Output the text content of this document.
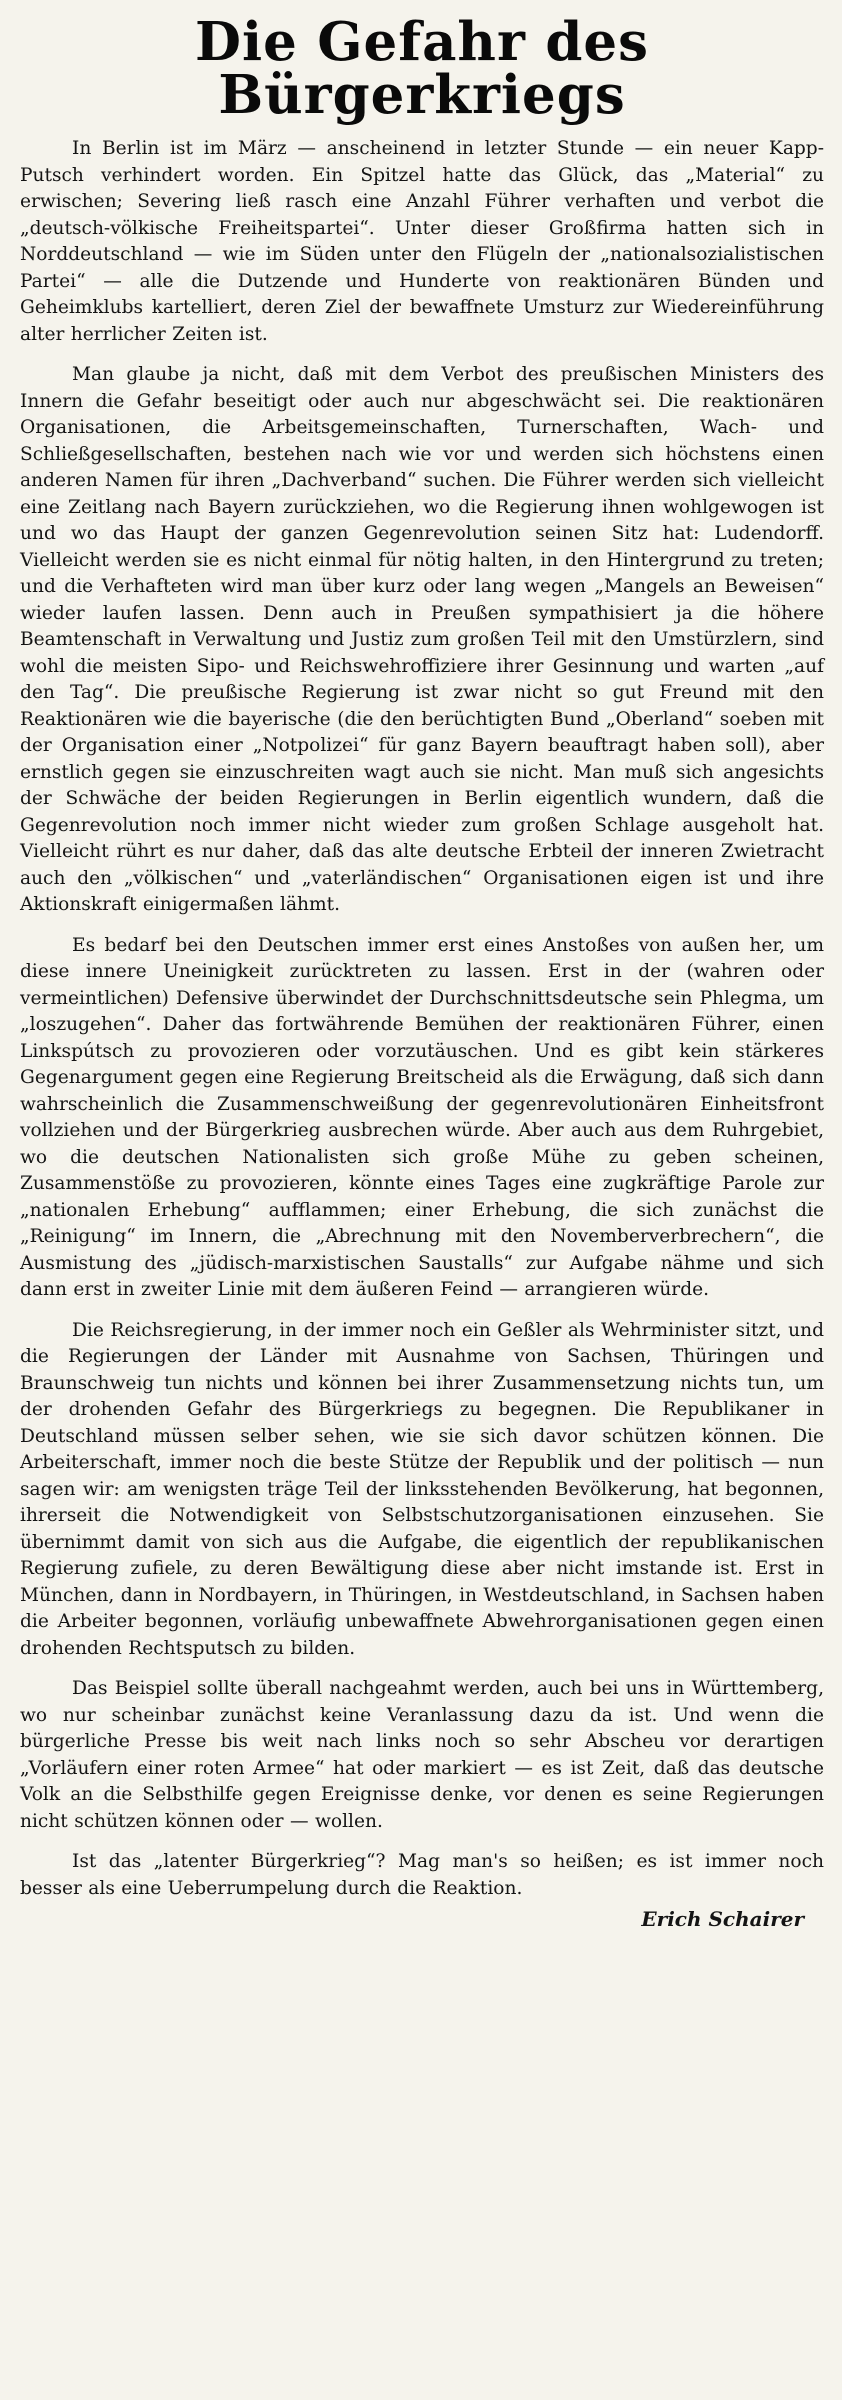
Die Gefahr des Bürgerkriegs

In Berlin ist im März — anscheinend in letzter Stunde — ein neuer Kapp-Putsch verhindert worden. Ein Spitzel hatte das Glück, das „Material“ zu erwischen; Severing ließ rasch eine Anzahl Führer verhaften und verbot die „deutsch-völkische Freiheitspartei“. Unter dieser Großfirma hatten sich in Norddeutschland — wie im Süden unter den Flügeln der „nationalsozialistischen Partei“ — alle die Dutzende und Hunderte von reaktionären Bünden und Geheimklubs kartelliert, deren Ziel der bewaffnete Umsturz zur Wiedereinführung alter herrlicher Zeiten ist.

Man glaube ja nicht, daß mit dem Verbot des preußischen Ministers des Innern die Gefahr beseitigt oder auch nur abgeschwächt sei. Die reaktionären Organisationen, die Arbeitsgemeinschaften, Turnerschaften, Wach- und Schließgesellschaften, bestehen nach wie vor und werden sich höchstens einen anderen Namen für ihren „Dachverband“ suchen. Die Führer werden sich vielleicht eine Zeitlang nach Bayern zurückziehen, wo die Regierung ihnen wohlgewogen ist und wo das Haupt der ganzen Gegenrevolution seinen Sitz hat: Ludendorff. Vielleicht werden sie es nicht einmal für nötig halten, in den Hintergrund zu treten; und die Verhafteten wird man über kurz oder lang wegen „Mangels an Beweisen“ wieder laufen lassen. Denn auch in Preußen sympathisiert ja die höhere Beamtenschaft in Verwaltung und Justiz zum großen Teil mit den Umstürzlern, sind wohl die meisten Sipo- und Reichswehroffiziere ihrer Gesinnung und warten „auf den Tag“. Die preußische Regierung ist zwar nicht so gut Freund mit den Reaktionären wie die bayerische (die den berüchtigten Bund „Oberland“ soeben mit der Organisation einer „Notpolizei“ für ganz Bayern beauftragt haben soll), aber ernstlich gegen sie einzuschreiten wagt auch sie nicht. Man muß sich angesichts der Schwäche der beiden Regierungen in Berlin eigentlich wundern, daß die Gegenrevolution noch immer nicht wieder zum großen Schlage ausgeholt hat. Vielleicht rührt es nur daher, daß das alte deutsche Erbteil der inneren Zwietracht auch den „völkischen“ und „vaterländischen“ Organisationen eigen ist und ihre Aktionskraft einigermaßen lähmt.

Es bedarf bei den Deutschen immer erst eines Anstoßes von außen her, um diese innere Uneinigkeit zurücktreten zu lassen. Erst in der (wahren oder vermeintlichen) Defensive überwindet der Durchschnittsdeutsche sein Phlegma, um „loszugehen“. Daher das fortwährende Bemühen der reaktionären Führer, einen Linkspútsch zu provozieren oder vorzutäuschen. Und es gibt kein stärkeres Gegenargument gegen eine Regierung Breitscheid als die Erwägung, daß sich dann wahrscheinlich die Zusammenschweißung der gegenrevolutionären Einheitsfront vollziehen und der Bürgerkrieg ausbrechen würde. Aber auch aus dem Ruhrgebiet, wo die deutschen Nationalisten sich große Mühe zu geben scheinen, Zusammenstöße zu provozieren, könnte eines Tages eine zugkräftige Parole zur „nationalen Erhebung“ aufflammen; einer Erhebung, die sich zunächst die „Reinigung“ im Innern, die „Abrechnung mit den Novemberverbrechern“, die Ausmistung des „jüdisch-marxistischen Saustalls“ zur Aufgabe nähme und sich dann erst in zweiter Linie mit dem äußeren Feind — arrangieren würde.

Die Reichsregierung, in der immer noch ein Geßler als Wehrminister sitzt, und die Regierungen der Länder mit Ausnahme von Sachsen, Thüringen und Braunschweig tun nichts und können bei ihrer Zusammensetzung nichts tun, um der drohenden Gefahr des Bürgerkriegs zu begegnen. Die Republikaner in Deutschland müssen selber sehen, wie sie sich davor schützen können. Die Arbeiterschaft, immer noch die beste Stütze der Republik und der politisch — nun sagen wir: am wenigsten träge Teil der linksstehenden Bevölkerung, hat begonnen, ihrerseit die Notwendigkeit von Selbstschutzorganisationen einzusehen. Sie übernimmt damit von sich aus die Aufgabe, die eigentlich der republikanischen Regierung zufiele, zu deren Bewältigung diese aber nicht imstande ist. Erst in München, dann in Nordbayern, in Thüringen, in Westdeutschland, in Sachsen haben die Arbeiter begonnen, vorläufig unbewaffnete Abwehrorganisationen gegen einen drohenden Rechtsputsch zu bilden.

Das Beispiel sollte überall nachgeahmt werden, auch bei uns in Württemberg, wo nur scheinbar zunächst keine Veranlassung dazu da ist. Und wenn die bürgerliche Presse bis weit nach links noch so sehr Abscheu vor derartigen „Vorläufern einer roten Armee“ hat oder markiert — es ist Zeit, daß das deutsche Volk an die Selbsthilfe gegen Ereignisse denke, vor denen es seine Regierungen nicht schützen können oder — wollen.

Ist das „latenter Bürgerkrieg“? Mag man's so heißen; es ist immer noch besser als eine Ueberrumpelung durch die Reaktion.

Erich Schairer
